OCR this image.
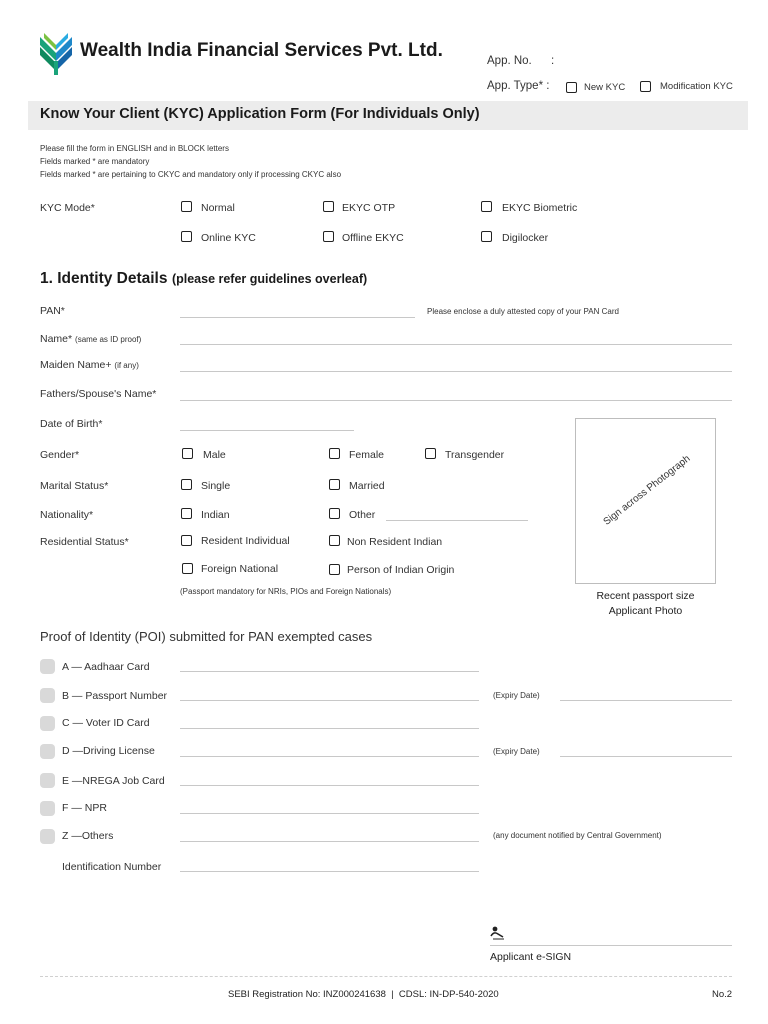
Wealth India Financial Services Pvt. Ltd.	App. No. :
App. Type* :	New KYC	Modification KYC
Know Your Client (KYC) Application Form (For Individuals Only)
Please fill the form in ENGLISH and in BLOCK letters
Fields marked * are mandatory
Fields marked * are pertaining to CKYC and mandatory only if processing CKYC also
KYC Mode*	Normal	EKYC OTP	EKYC Biometric
Online KYC	Offline EKYC	Digilocker
1. Identity Details (please refer guidelines overleaf)
PAN*	Please enclose a duly attested copy of your PAN Card
Name* (same as ID proof)
Maiden Name+ (if any)
Fathers/Spouse's Name*
Date of Birth*
Gender*	Male	Female	Transgender
Marital Status*	Single	Married
Nationality*	Indian	Other
Residential Status*	Resident Individual	Non Resident Indian
Foreign National	Person of Indian Origin
(Passport mandatory for NRIs, PIOs and Foreign Nationals)
Sign across Photograph
Recent passport size
Applicant Photo
Proof of Identity (POI) submitted for PAN exempted cases
A — Aadhaar Card
B — Passport Number	(Expiry Date)
C — Voter ID Card
D —Driving License	(Expiry Date)
E —NREGA Job Card
F — NPR
Z —Others	(any document notified by Central Government)
Identification Number
Applicant e-SIGN
SEBI Registration No: INZ000241638  |  CDSL: IN-DP-540-2020	No.2
